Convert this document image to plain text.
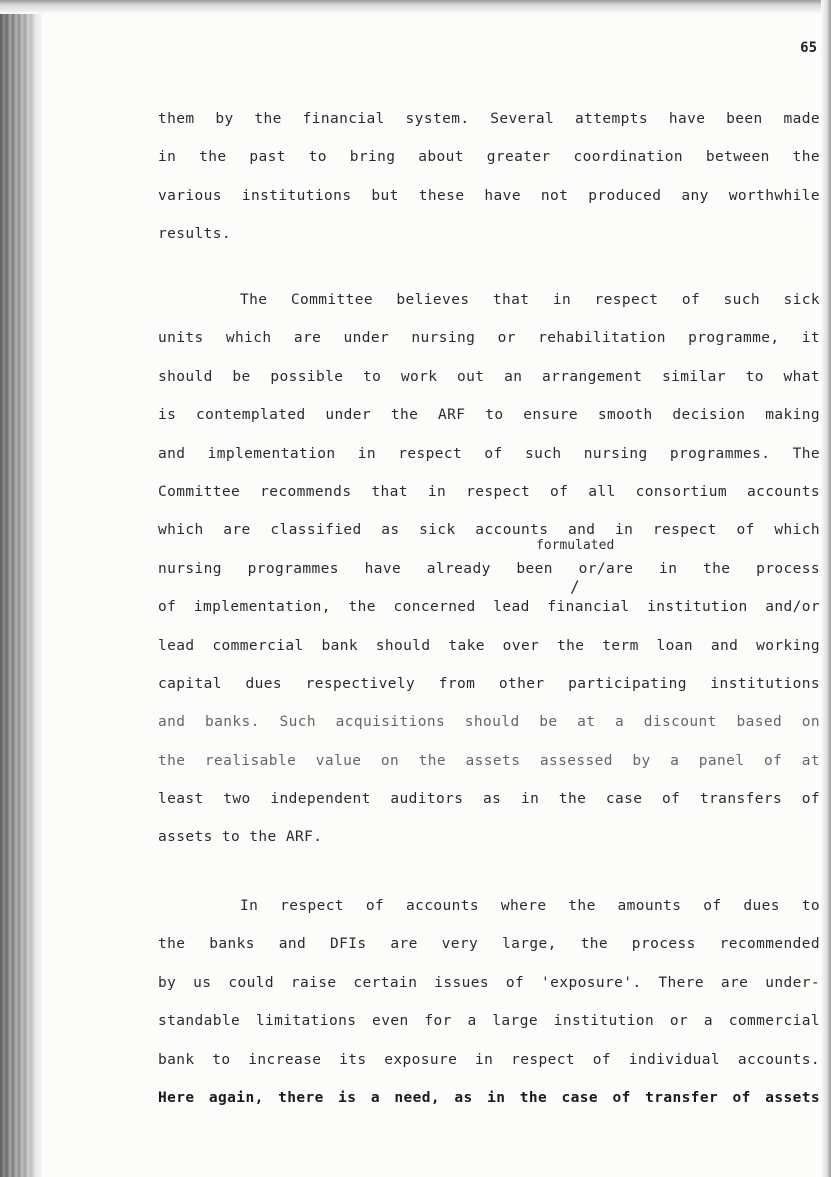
65
them by the financial system. Several attempts have been made
in the past to bring about greater coordination between the
various institutions but these have not produced any worthwhile
results.
The Committee believes that in respect of such sick
units which are under nursing or rehabilitation programme, it
should be possible to work out an arrangement similar to what
is contemplated under the ARF to ensure smooth decision making
and implementation in respect of such nursing programmes. The
Committee recommends that in respect of all consortium accounts
which are classified as sick accounts and in respect of which
nursing programmes have already been or/are in the process
of implementation, the concerned lead financial institution and/or
lead commercial bank should take over the term loan and working
capital dues respectively from other participating institutions
and banks. Such acquisitions should be at a discount based on
the realisable value on the assets assessed by a panel of at
least two independent auditors as in the case of transfers of
assets to the ARF.
formulated
/
In respect of accounts where the amounts of dues to
the banks and DFIs are very large, the process recommended
by us could raise certain issues of 'exposure'. There are under-
standable limitations even for a large institution or a commercial
bank to increase its exposure in respect of individual accounts.
Here again, there is a need, as in the case of transfer of assets
